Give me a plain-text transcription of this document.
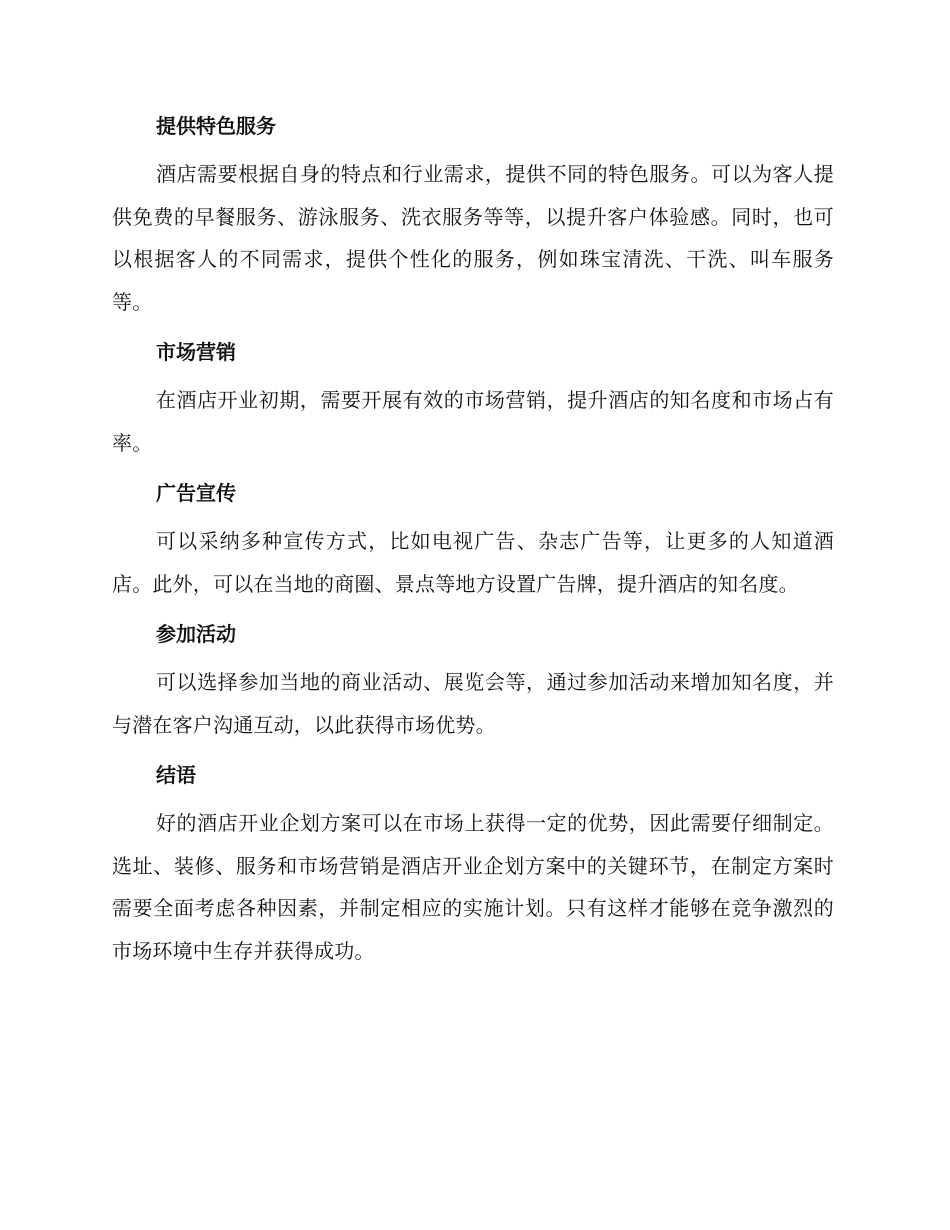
提供特色服务

酒店需要根据自身的特点和行业需求，提供不同的特色服务。可以为客人提供免费的早餐服务、游泳服务、洗衣服务等等，以提升客户体验感。同时，也可以根据客人的不同需求，提供个性化的服务，例如珠宝清洗、干洗、叫车服务等。

市场营销

在酒店开业初期，需要开展有效的市场营销，提升酒店的知名度和市场占有率。

广告宣传

可以采纳多种宣传方式，比如电视广告、杂志广告等，让更多的人知道酒店。此外，可以在当地的商圈、景点等地方设置广告牌，提升酒店的知名度。

参加活动

可以选择参加当地的商业活动、展览会等，通过参加活动来增加知名度，并与潜在客户沟通互动，以此获得市场优势。

结语

好的酒店开业企划方案可以在市场上获得一定的优势，因此需要仔细制定。选址、装修、服务和市场营销是酒店开业企划方案中的关键环节，在制定方案时需要全面考虑各种因素，并制定相应的实施计划。只有这样才能够在竞争激烈的市场环境中生存并获得成功。
